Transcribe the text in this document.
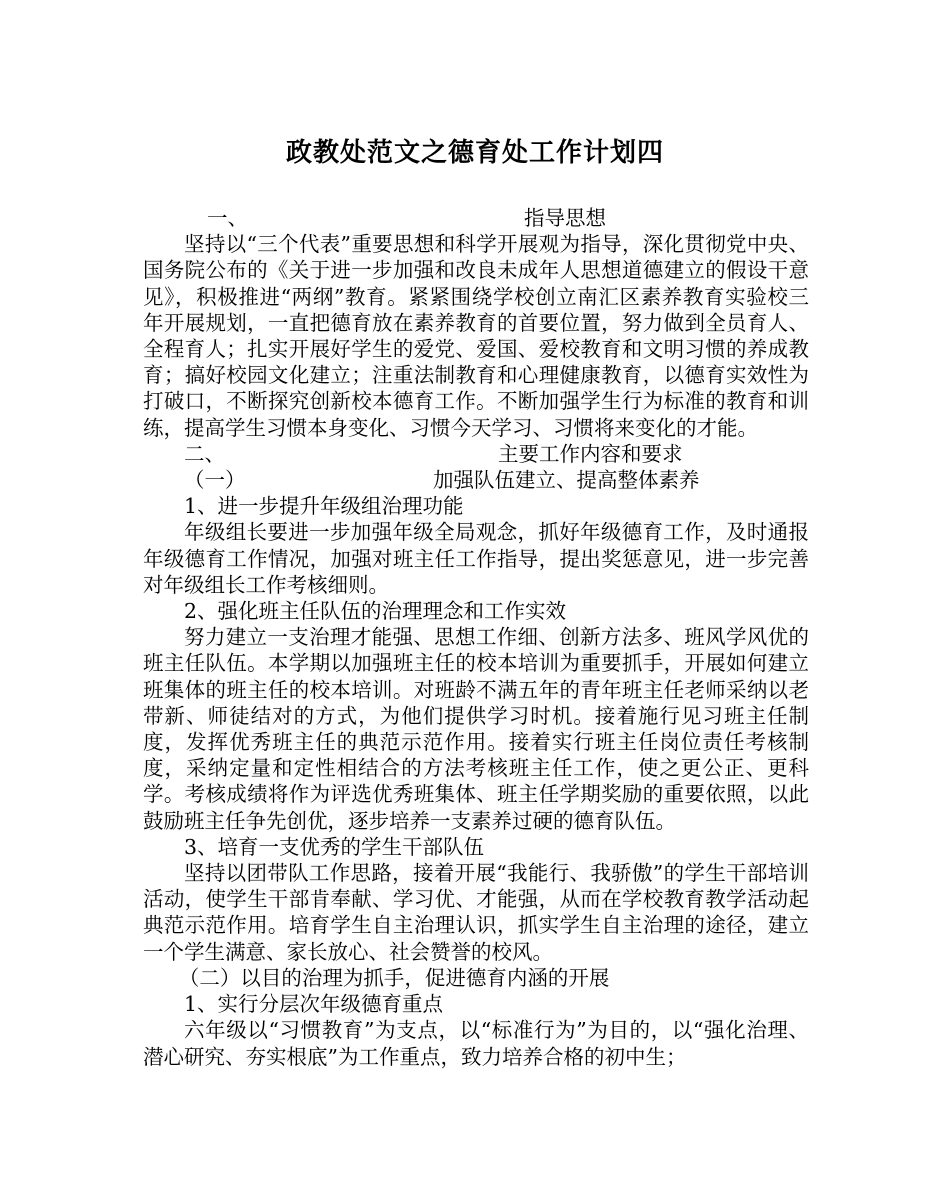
政教处范文之德育处工作计划四
一、	指导思想

坚持以“三个代表”重要思想和科学开展观为指导，深化贯彻党中央、国务院公布的《关于进一步加强和改良未成年人思想道德建立的假设干意见》，积极推进“两纲”教育。紧紧围绕学校创立南汇区素养教育实验校三年开展规划，一直把德育放在素养教育的首要位置，努力做到全员育人、全程育人；扎实开展好学生的爱党、爱国、爱校教育和文明习惯的养成教育；搞好校园文化建立；注重法制教育和心理健康教育，以德育实效性为打破口，不断探究创新校本德育工作。不断加强学生行为标准的教育和训练，提高学生习惯本身变化、习惯今天学习、习惯将来变化的才能。

二、	主要工作内容和要求
（一）	加强队伍建立、提高整体素养

1、进一步提升年级组治理功能

年级组长要进一步加强年级全局观念，抓好年级德育工作，及时通报年级德育工作情况，加强对班主任工作指导，提出奖惩意见，进一步完善对年级组长工作考核细则。

2、强化班主任队伍的治理理念和工作实效

努力建立一支治理才能强、思想工作细、创新方法多、班风学风优的班主任队伍。本学期以加强班主任的校本培训为重要抓手，开展如何建立班集体的班主任的校本培训。对班龄不满五年的青年班主任老师采纳以老带新、师徒结对的方式，为他们提供学习时机。接着施行见习班主任制度，发挥优秀班主任的典范示范作用。接着实行班主任岗位责任考核制度，采纳定量和定性相结合的方法考核班主任工作，使之更公正、更科学。考核成绩将作为评选优秀班集体、班主任学期奖励的重要依照，以此鼓励班主任争先创优，逐步培养一支素养过硬的德育队伍。

3、培育一支优秀的学生干部队伍

坚持以团带队工作思路，接着开展“我能行、我骄傲”的学生干部培训活动，使学生干部肯奉献、学习优、才能强，从而在学校教育教学活动起典范示范作用。培育学生自主治理认识，抓实学生自主治理的途径，建立一个学生满意、家长放心、社会赞誉的校风。

（二）以目的治理为抓手，促进德育内涵的开展

1、实行分层次年级德育重点

六年级以“习惯教育”为支点，以“标准行为”为目的，以“强化治理、潜心研究、夯实根底”为工作重点，致力培养合格的初中生；
